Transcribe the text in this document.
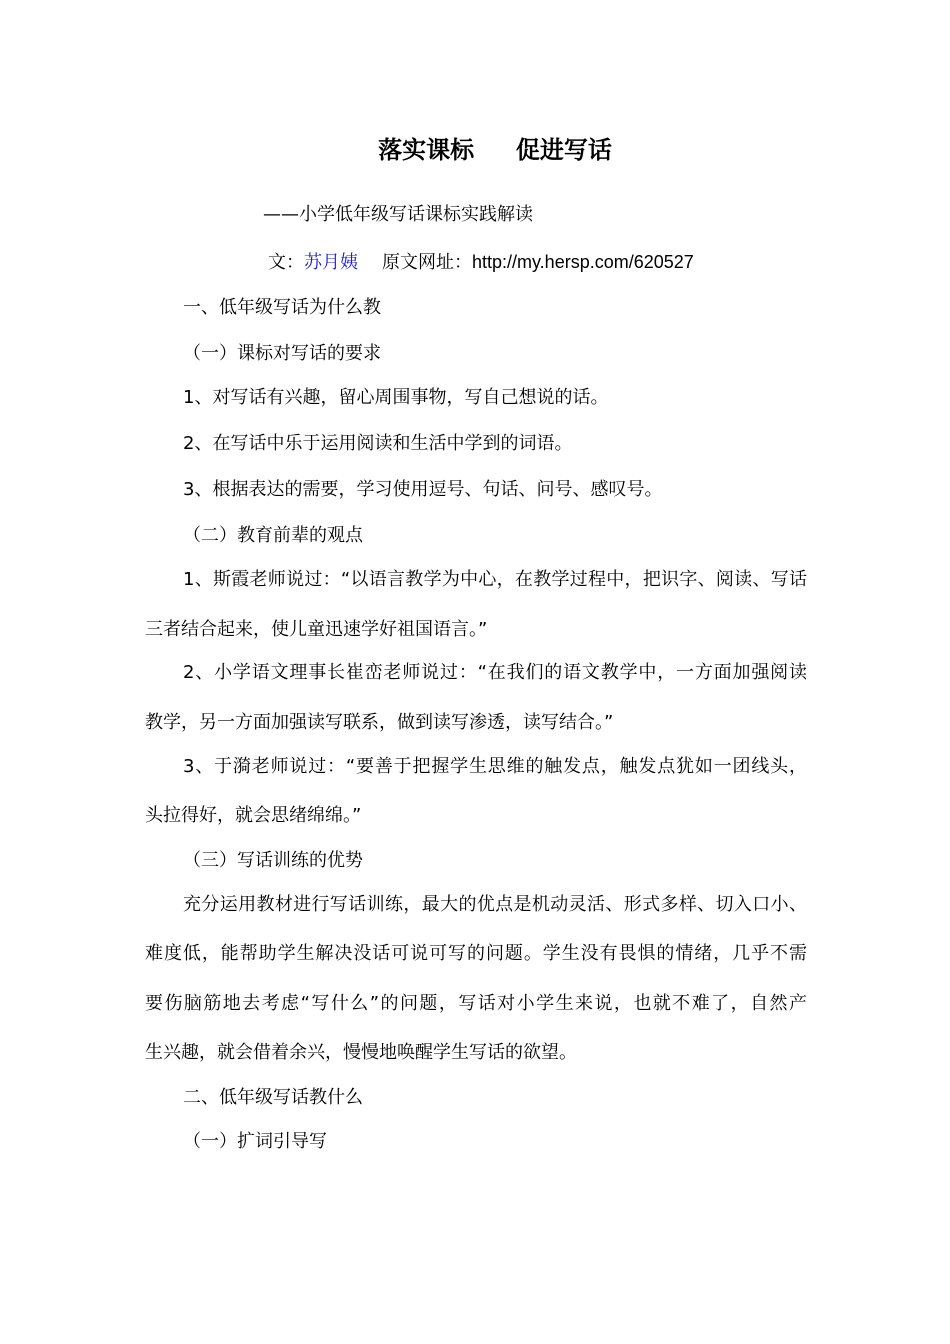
落实课标     促进写话
——小学低年级写话课标实践解读
文：苏月姨 原文网址：http://my.hersp.com/620527
一、低年级写话为什么教
（一）课标对写话的要求
1、对写话有兴趣，留心周围事物，写自己想说的话。
2、在写话中乐于运用阅读和生活中学到的词语。
3、根据表达的需要，学习使用逗号、句话、问号、感叹号。
（二）教育前辈的观点
1、斯霞老师说过：“以语言教学为中心，在教学过程中，把识字、阅读、写话
三者结合起来，使儿童迅速学好祖国语言。”
2、小学语文理事长崔峦老师说过：“在我们的语文教学中，一方面加强阅读
教学，另一方面加强读写联系，做到读写渗透，读写结合。”
3、于漪老师说过：“要善于把握学生思维的触发点，触发点犹如一团线头，
头拉得好，就会思绪绵绵。”
（三）写话训练的优势
充分运用教材进行写话训练，最大的优点是机动灵活、形式多样、切入口小、
难度低，能帮助学生解决没话可说可写的问题。学生没有畏惧的情绪，几乎不需
要伤脑筋地去考虑“写什么”的问题，写话对小学生来说，也就不难了，自然产
生兴趣，就会借着余兴，慢慢地唤醒学生写话的欲望。
二、低年级写话教什么
（一）扩词引导写
